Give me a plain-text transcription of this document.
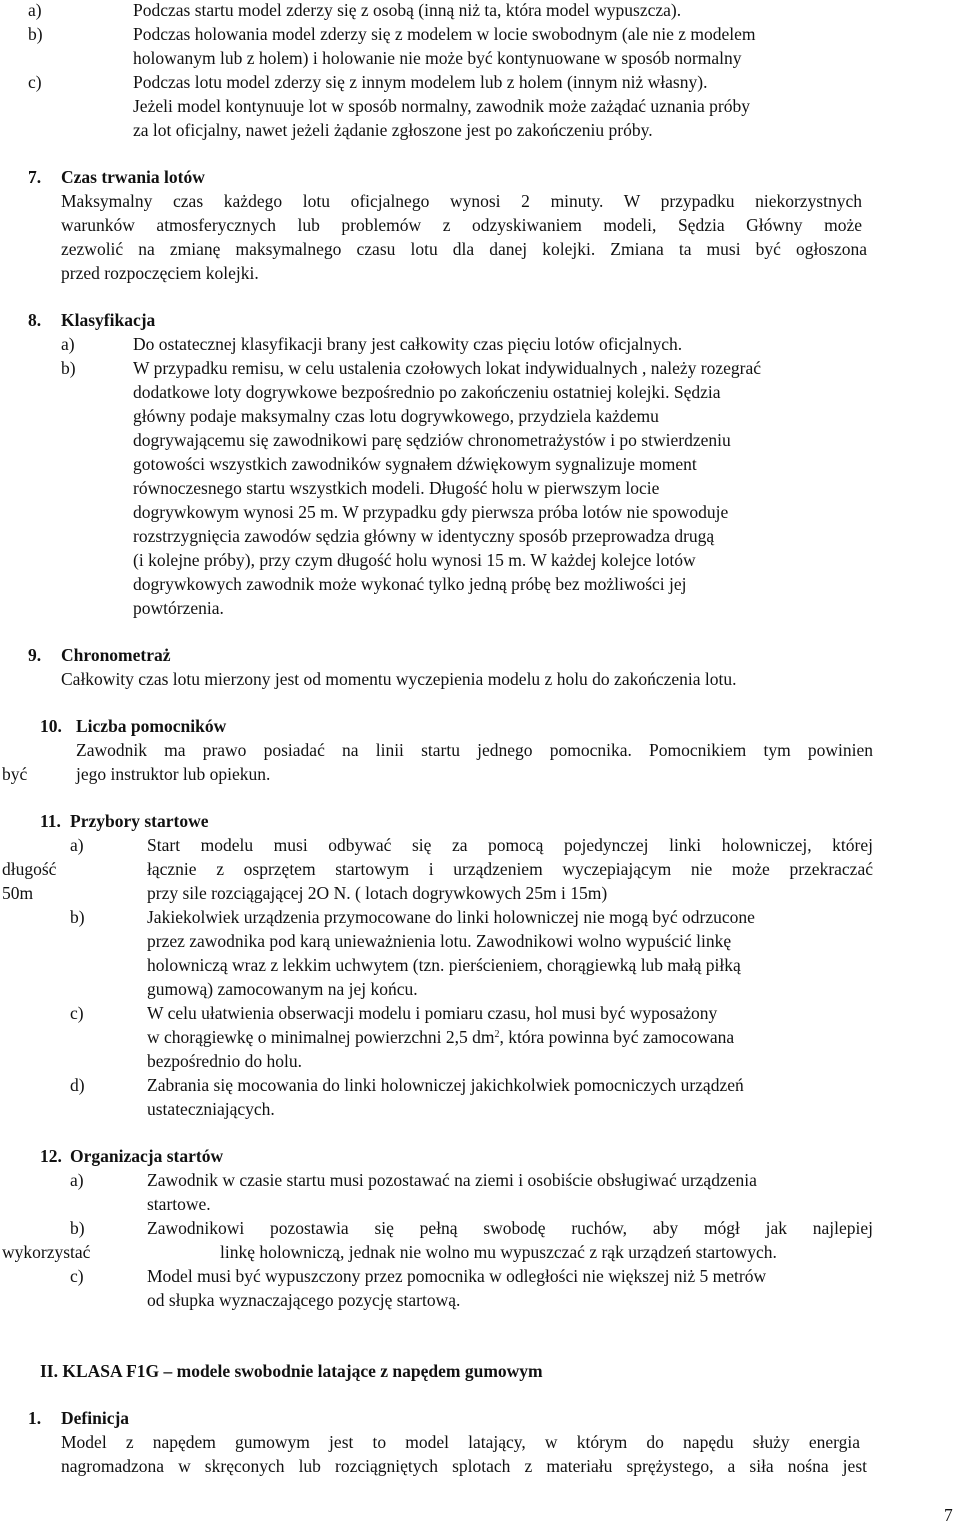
a)	Podczas startu model zderzy się z osobą (inną niż ta, która model wypuszcza).
b)	Podczas holowania model zderzy się z modelem w locie swobodnym (ale nie z modelem
holowanym lub z holem) i holowanie nie może być kontynuowane w sposób normalny
c)	Podczas lotu model zderzy się z innym modelem lub z holem (innym niż własny).
Jeżeli model kontynuuje lot w sposób normalny, zawodnik może zażądać uznania próby
za lot oficjalny, nawet jeżeli żądanie zgłoszone jest po zakończeniu próby.
7. Czas trwania lotów
Maksymalny czas każdego lotu oficjalnego wynosi 2 minuty. W przypadku niekorzystnych
warunków atmosferycznych lub problemów z odzyskiwaniem modeli, Sędzia Główny może
zezwolić na zmianę maksymalnego czasu lotu dla danej kolejki. Zmiana ta musi być ogłoszona
przed rozpoczęciem kolejki.
8. Klasyfikacja
a)	Do ostatecznej klasyfikacji brany jest całkowity czas pięciu lotów oficjalnych.
b)	W przypadku remisu, w celu ustalenia czołowych lokat indywidualnych , należy rozegrać
dodatkowe loty dogrywkowe bezpośrednio po zakończeniu ostatniej kolejki. Sędzia
główny podaje maksymalny czas lotu dogrywkowego, przydziela każdemu
dogrywającemu się zawodnikowi parę sędziów chronometrażystów i po stwierdzeniu
gotowości wszystkich zawodników sygnałem dźwiękowym sygnalizuje moment
równoczesnego startu wszystkich modeli. Długość holu w pierwszym locie
dogrywkowym wynosi 25 m. W przypadku gdy pierwsza próba lotów nie spowoduje
rozstrzygnięcia zawodów sędzia główny w identyczny sposób przeprowadza drugą
(i kolejne próby), przy czym długość holu wynosi 15 m. W każdej kolejce lotów
dogrywkowych zawodnik może wykonać tylko jedną próbę bez możliwości jej
powtórzenia.
9. Chronometraż
Całkowity czas lotu mierzony jest od momentu wyczepienia modelu z holu do zakończenia lotu.
10. Liczba pomocników
Zawodnik ma prawo posiadać na linii startu jednego pomocnika. Pomocnikiem tym powinien
być	jego instruktor lub opiekun.
11. Przybory startowe
a)	Start modelu musi odbywać się za pomocą pojedynczej linki holowniczej, której
długość	łącznie z osprzętem startowym i urządzeniem wyczepiającym nie może przekraczać
50m	przy sile rozciągającej 2O N. ( lotach dogrywkowych 25m i 15m)
b)	Jakiekolwiek urządzenia przymocowane do linki holowniczej nie mogą być odrzucone
przez zawodnika pod karą unieważnienia lotu. Zawodnikowi wolno wypuścić linkę
holowniczą wraz z lekkim uchwytem (tzn. pierścieniem, chorągiewką lub małą piłką
gumową) zamocowanym na jej końcu.
c)	W celu ułatwienia obserwacji modelu i pomiaru czasu, hol musi być wyposażony
w chorągiewkę o minimalnej powierzchni 2,5 $dm^2$, która powinna być zamocowana
bezpośrednio do holu.
d)	Zabrania się mocowania do linki holowniczej jakichkolwiek pomocniczych urządzeń
ustateczniających.
12. Organizacja startów
a)	Zawodnik w czasie startu musi pozostawać na ziemi i osobiście obsługiwać urządzenia
startowe.
b)	Zawodnikowi pozostawia się pełną swobodę ruchów, aby mógł jak najlepiej
wykorzystać	linkę holowniczą, jednak nie wolno mu wypuszczać z rąk urządzeń startowych.
c)	Model musi być wypuszczony przez pomocnika w odległości nie większej niż 5 metrów
od słupka wyznaczającego pozycję startową.
II. KLASA F1G – modele swobodnie latające z napędem gumowym
1. Definicja
Model z napędem gumowym jest to model latający, w którym do napędu służy energia
nagromadzona w skręconych lub rozciągniętych splotach z materiału sprężystego, a siła nośna jest
7
